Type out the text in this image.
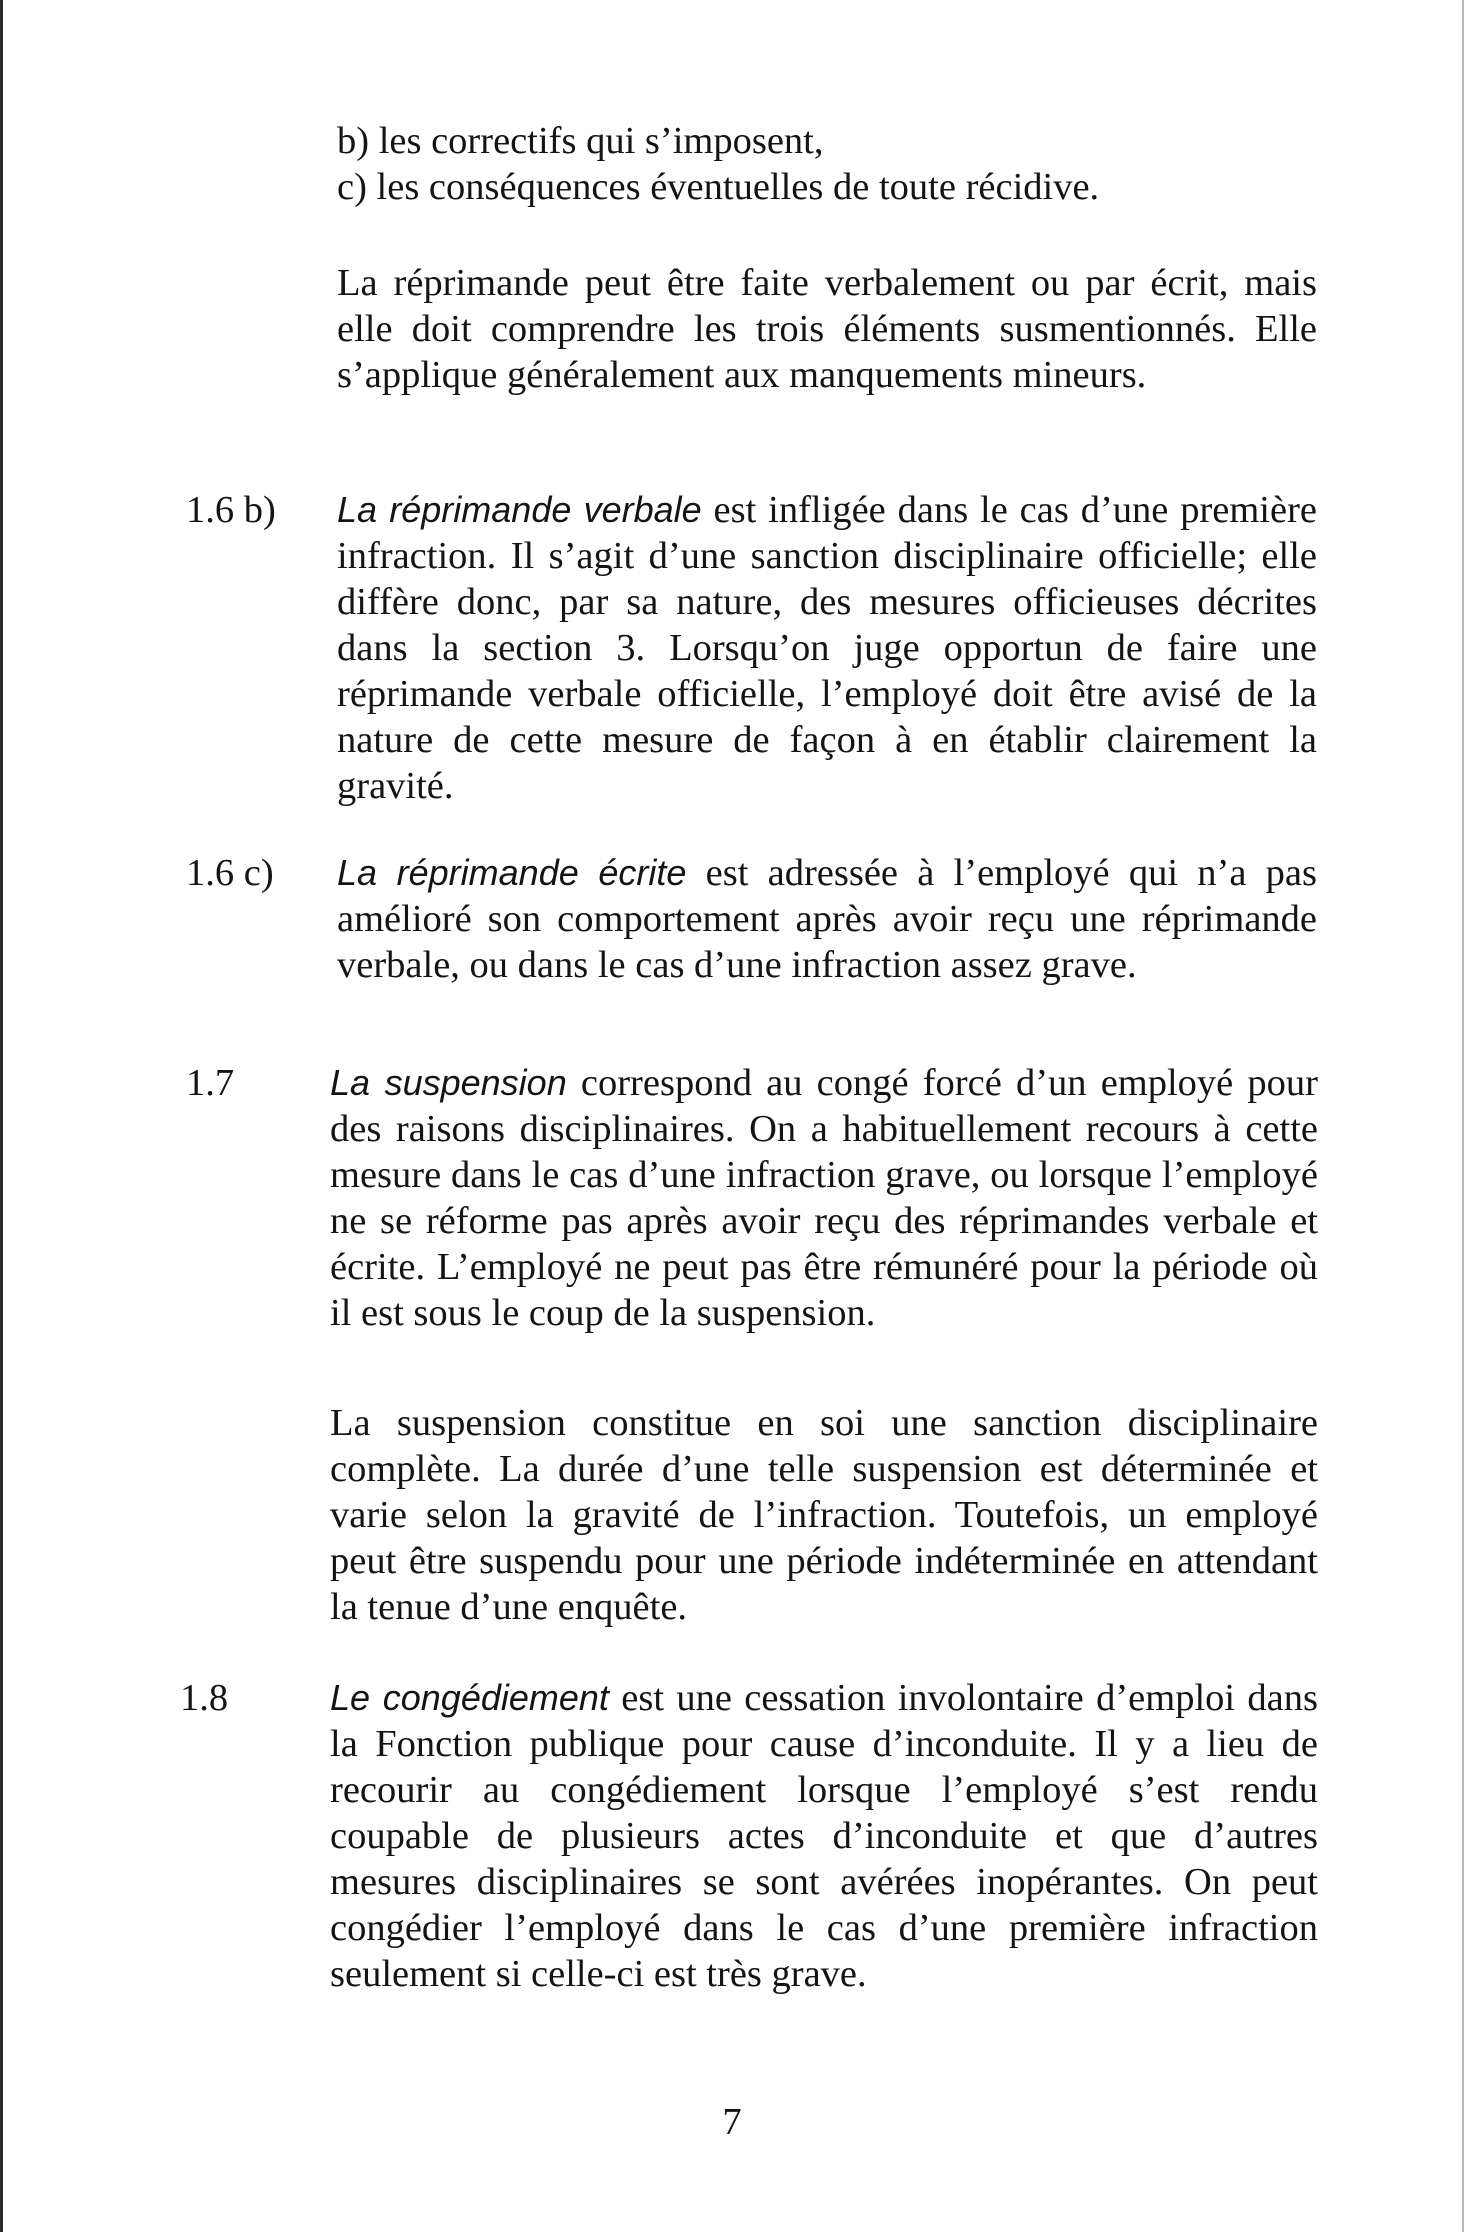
b) les correctifs qui s’imposent,
c) les conséquences éventuelles de toute récidive.
La réprimande peut être faite verbalement ou par écrit, mais elle doit comprendre les trois éléments susmentionnés. Elle s’applique généralement aux manquements mineurs.
1.6 b) La réprimande verbale est infligée dans le cas d’une première infraction. Il s’agit d’une sanction disciplinaire officielle; elle diffère donc, par sa nature, des mesures officieuses décrites dans la section 3. Lorsqu’on juge opportun de faire une réprimande verbale officielle, l’employé doit être avisé de la nature de cette mesure de façon à en établir clairement la gravité.
1.6 c) La réprimande écrite est adressée à l’employé qui n’a pas amélioré son comportement après avoir reçu une réprimande verbale, ou dans le cas d’une infraction assez grave.
1.7	La suspension correspond au congé forcé d’un employé pour des raisons disciplinaires. On a habituellement recours à cette mesure dans le cas d’une infraction grave, ou lorsque l’employé ne se réforme pas après avoir reçu des réprimandes verbale et écrite. L’employé ne peut pas être rémunéré pour la période où il est sous le coup de la suspension.
La suspension constitue en soi une sanction disciplinaire complète. La durée d’une telle suspension est déterminée et varie selon la gravité de l’infraction. Toutefois, un employé peut être suspendu pour une période indéterminée en attendant la tenue d’une enquête.
1.8	Le congédiement est une cessation involontaire d’emploi dans la Fonction publique pour cause d’inconduite. Il y a lieu de recourir au congédiement lorsque l’employé s’est rendu coupable de plusieurs actes d’inconduite et que d’autres mesures disciplinaires se sont avérées inopérantes. On peut congédier l’employé dans le cas d’une première infraction seulement si celle-ci est très grave.
7
